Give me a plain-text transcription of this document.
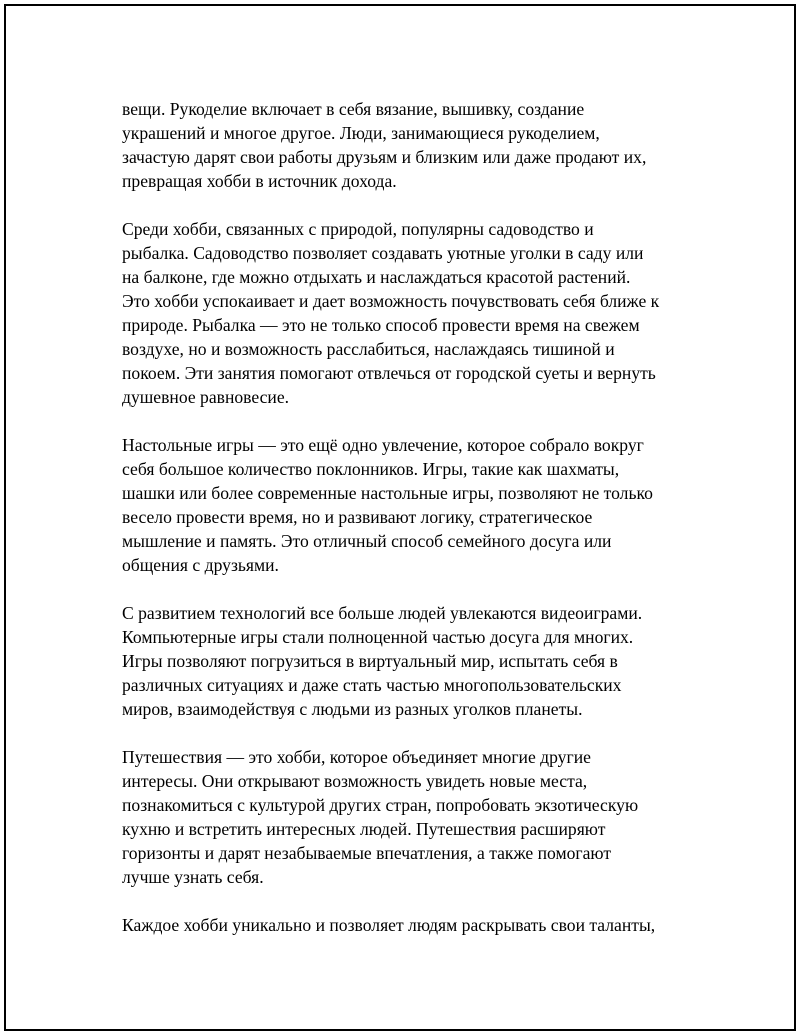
вещи. Рукоделие включает в себя вязание, вышивку, создание
украшений и многое другое. Люди, занимающиеся рукоделием,
зачастую дарят свои работы друзьям и близким или даже продают их,
превращая хобби в источник дохода.

Среди хобби, связанных с природой, популярны садоводство и
рыбалка. Садоводство позволяет создавать уютные уголки в саду или
на балконе, где можно отдыхать и наслаждаться красотой растений.
Это хобби успокаивает и дает возможность почувствовать себя ближе к
природе. Рыбалка — это не только способ провести время на свежем
воздухе, но и возможность расслабиться, наслаждаясь тишиной и
покоем. Эти занятия помогают отвлечься от городской суеты и вернуть
душевное равновесие.

Настольные игры — это ещё одно увлечение, которое собрало вокруг
себя большое количество поклонников. Игры, такие как шахматы,
шашки или более современные настольные игры, позволяют не только
весело провести время, но и развивают логику, стратегическое
мышление и память. Это отличный способ семейного досуга или
общения с друзьями.

С развитием технологий все больше людей увлекаются видеоиграми.
Компьютерные игры стали полноценной частью досуга для многих.
Игры позволяют погрузиться в виртуальный мир, испытать себя в
различных ситуациях и даже стать частью многопользовательских
миров, взаимодействуя с людьми из разных уголков планеты.

Путешествия — это хобби, которое объединяет многие другие
интересы. Они открывают возможность увидеть новые места,
познакомиться с культурой других стран, попробовать экзотическую
кухню и встретить интересных людей. Путешествия расширяют
горизонты и дарят незабываемые впечатления, а также помогают
лучше узнать себя.

Каждое хобби уникально и позволяет людям раскрывать свои таланты,
